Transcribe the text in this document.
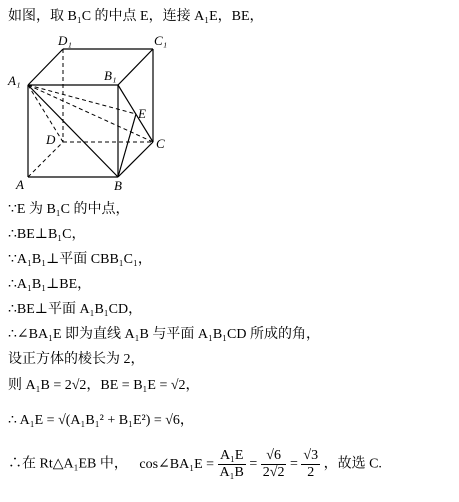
如图，取 B₁C 的中点 E，连接 A₁E，BE，
D₁	C₁
A₁	B₁
E
D	C
A	B
∵E 为 B₁C 的中点，
∴BE⊥B₁C，
∵A₁B₁⊥平面 CBB₁C₁，
∴A₁B₁⊥BE，
∴BE⊥平面 A₁B₁CD，
∴∠BA₁E 即为直线 A₁B 与平面 A₁B₁CD 所成的角，
设正方体的棱长为 2，
则 A₁B = 2√2，BE = B₁E = √2，
∴ A₁E = √(A₁B₁² + B₁E²) = √6，
∴在 Rt△A₁EB 中， cos∠BA₁E = $\frac{\text{A₁E}}{\text{A₁B}} = \frac{√6}{2√2} = \frac{√3}{2}$ ，故选 C.
